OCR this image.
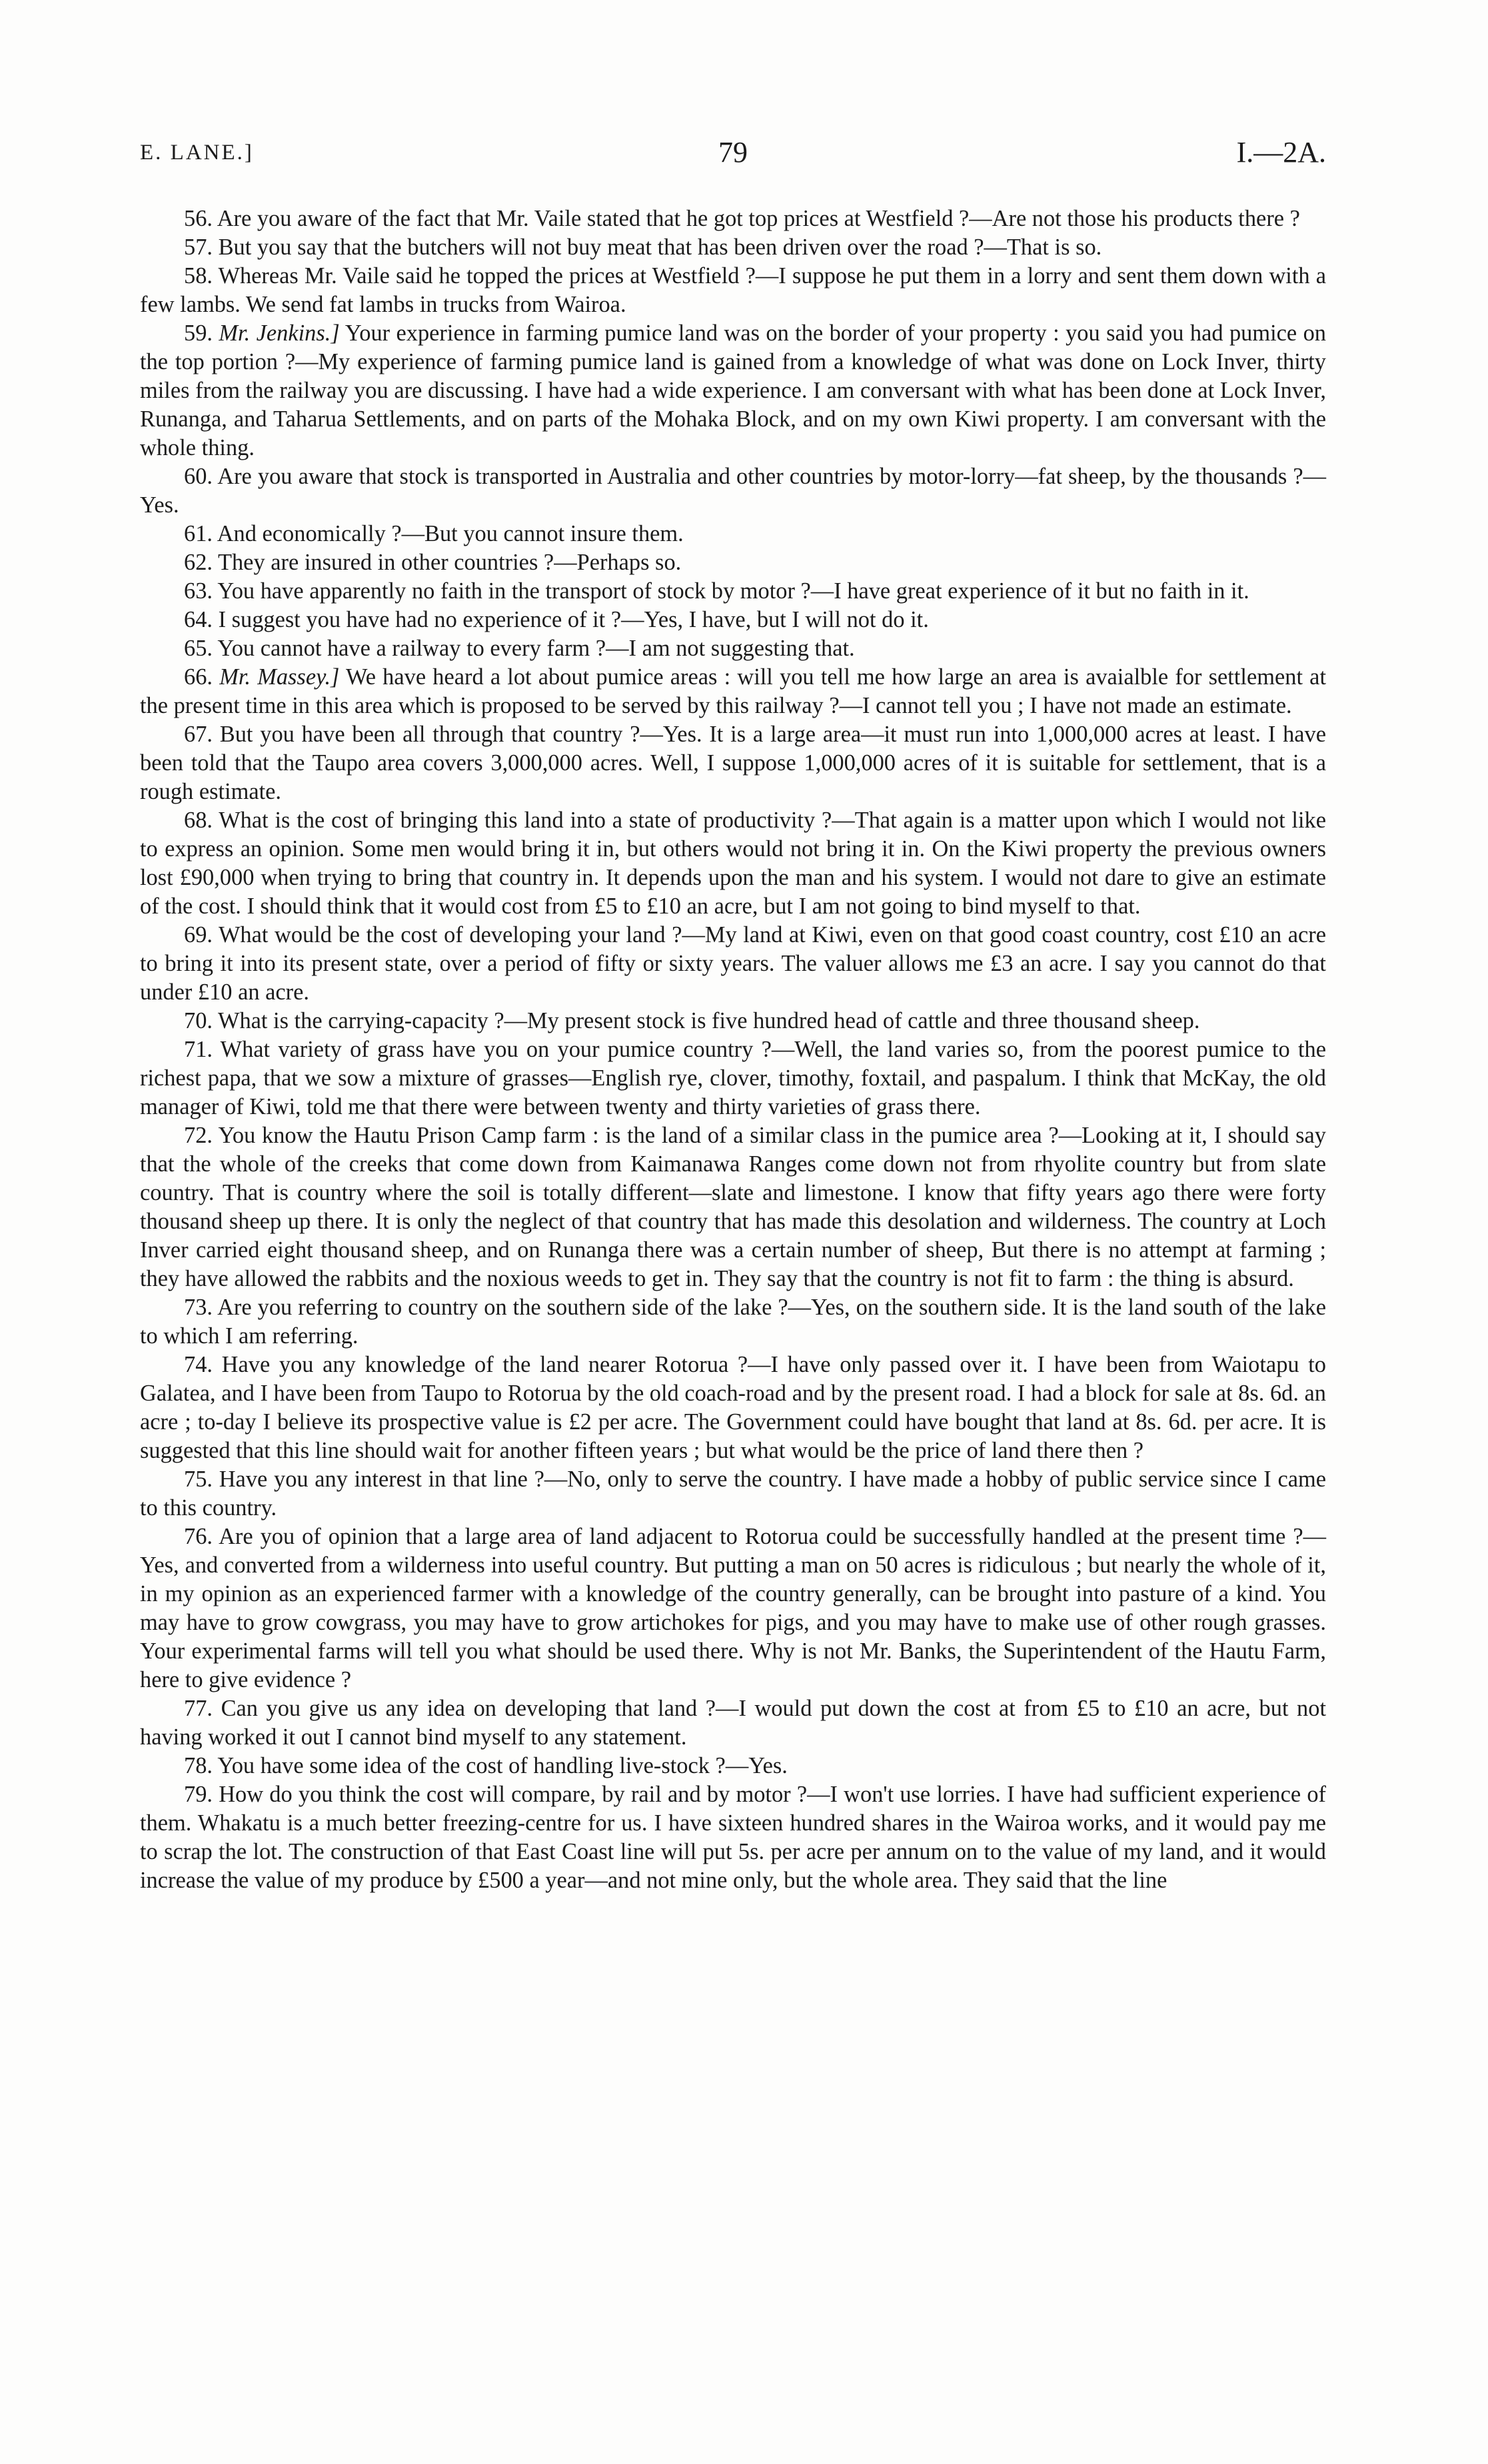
E. LANE.]	79	I.—2A.

56. Are you aware of the fact that Mr. Vaile stated that he got top prices at Westfield ?—Are not those his products there ?

57. But you say that the butchers will not buy meat that has been driven over the road ?—That is so.

58. Whereas Mr. Vaile said he topped the prices at Westfield ?—I suppose he put them in a lorry and sent them down with a few lambs. We send fat lambs in trucks from Wairoa.

59. Mr. Jenkins.] Your experience in farming pumice land was on the border of your property : you said you had pumice on the top portion ?—My experience of farming pumice land is gained from a knowledge of what was done on Lock Inver, thirty miles from the railway you are discussing. I have had a wide experience. I am conversant with what has been done at Lock Inver, Runanga, and Taharua Settlements, and on parts of the Mohaka Block, and on my own Kiwi property. I am conversant with the whole thing.

60. Are you aware that stock is transported in Australia and other countries by motor-lorry—fat sheep, by the thousands ?—Yes.

61. And economically ?—But you cannot insure them.

62. They are insured in other countries ?—Perhaps so.

63. You have apparently no faith in the transport of stock by motor ?—I have great experience of it but no faith in it.

64. I suggest you have had no experience of it ?—Yes, I have, but I will not do it.

65. You cannot have a railway to every farm ?—I am not suggesting that.

66. Mr. Massey.] We have heard a lot about pumice areas : will you tell me how large an area is avaialble for settlement at the present time in this area which is proposed to be served by this railway ?—I cannot tell you ; I have not made an estimate.

67. But you have been all through that country ?—Yes. It is a large area—it must run into 1,000,000 acres at least. I have been told that the Taupo area covers 3,000,000 acres. Well, I suppose 1,000,000 acres of it is suitable for settlement, that is a rough estimate.

68. What is the cost of bringing this land into a state of productivity ?—That again is a matter upon which I would not like to express an opinion. Some men would bring it in, but others would not bring it in. On the Kiwi property the previous owners lost £90,000 when trying to bring that country in. It depends upon the man and his system. I would not dare to give an estimate of the cost. I should think that it would cost from £5 to £10 an acre, but I am not going to bind myself to that.

69. What would be the cost of developing your land ?—My land at Kiwi, even on that good coast country, cost £10 an acre to bring it into its present state, over a period of fifty or sixty years. The valuer allows me £3 an acre. I say you cannot do that under £10 an acre.

70. What is the carrying-capacity ?—My present stock is five hundred head of cattle and three thousand sheep.

71. What variety of grass have you on your pumice country ?—Well, the land varies so, from the poorest pumice to the richest papa, that we sow a mixture of grasses—English rye, clover, timothy, foxtail, and paspalum. I think that McKay, the old manager of Kiwi, told me that there were between twenty and thirty varieties of grass there.

72. You know the Hautu Prison Camp farm : is the land of a similar class in the pumice area ?—Looking at it, I should say that the whole of the creeks that come down from Kaimanawa Ranges come down not from rhyolite country but from slate country. That is country where the soil is totally different—slate and limestone. I know that fifty years ago there were forty thousand sheep up there. It is only the neglect of that country that has made this desolation and wilderness. The country at Loch Inver carried eight thousand sheep, and on Runanga there was a certain number of sheep, But there is no attempt at farming ; they have allowed the rabbits and the noxious weeds to get in. They say that the country is not fit to farm : the thing is absurd.

73. Are you referring to country on the southern side of the lake ?—Yes, on the southern side. It is the land south of the lake to which I am referring.

74. Have you any knowledge of the land nearer Rotorua ?—I have only passed over it. I have been from Waiotapu to Galatea, and I have been from Taupo to Rotorua by the old coach-road and by the present road. I had a block for sale at 8s. 6d. an acre ; to-day I believe its prospective value is £2 per acre. The Government could have bought that land at 8s. 6d. per acre. It is suggested that this line should wait for another fifteen years ; but what would be the price of land there then ?

75. Have you any interest in that line ?—No, only to serve the country. I have made a hobby of public service since I came to this country.

76. Are you of opinion that a large area of land adjacent to Rotorua could be successfully handled at the present time ?—Yes, and converted from a wilderness into useful country. But putting a man on 50 acres is ridiculous ; but nearly the whole of it, in my opinion as an experienced farmer with a knowledge of the country generally, can be brought into pasture of a kind. You may have to grow cowgrass, you may have to grow artichokes for pigs, and you may have to make use of other rough grasses. Your experimental farms will tell you what should be used there. Why is not Mr. Banks, the Superintendent of the Hautu Farm, here to give evidence ?

77. Can you give us any idea on developing that land ?—I would put down the cost at from £5 to £10 an acre, but not having worked it out I cannot bind myself to any statement.

78. You have some idea of the cost of handling live-stock ?—Yes.

79. How do you think the cost will compare, by rail and by motor ?—I won't use lorries. I have had sufficient experience of them. Whakatu is a much better freezing-centre for us. I have sixteen hundred shares in the Wairoa works, and it would pay me to scrap the lot. The construction of that East Coast line will put 5s. per acre per annum on to the value of my land, and it would increase the value of my produce by £500 a year—and not mine only, but the whole area. They said that the line
